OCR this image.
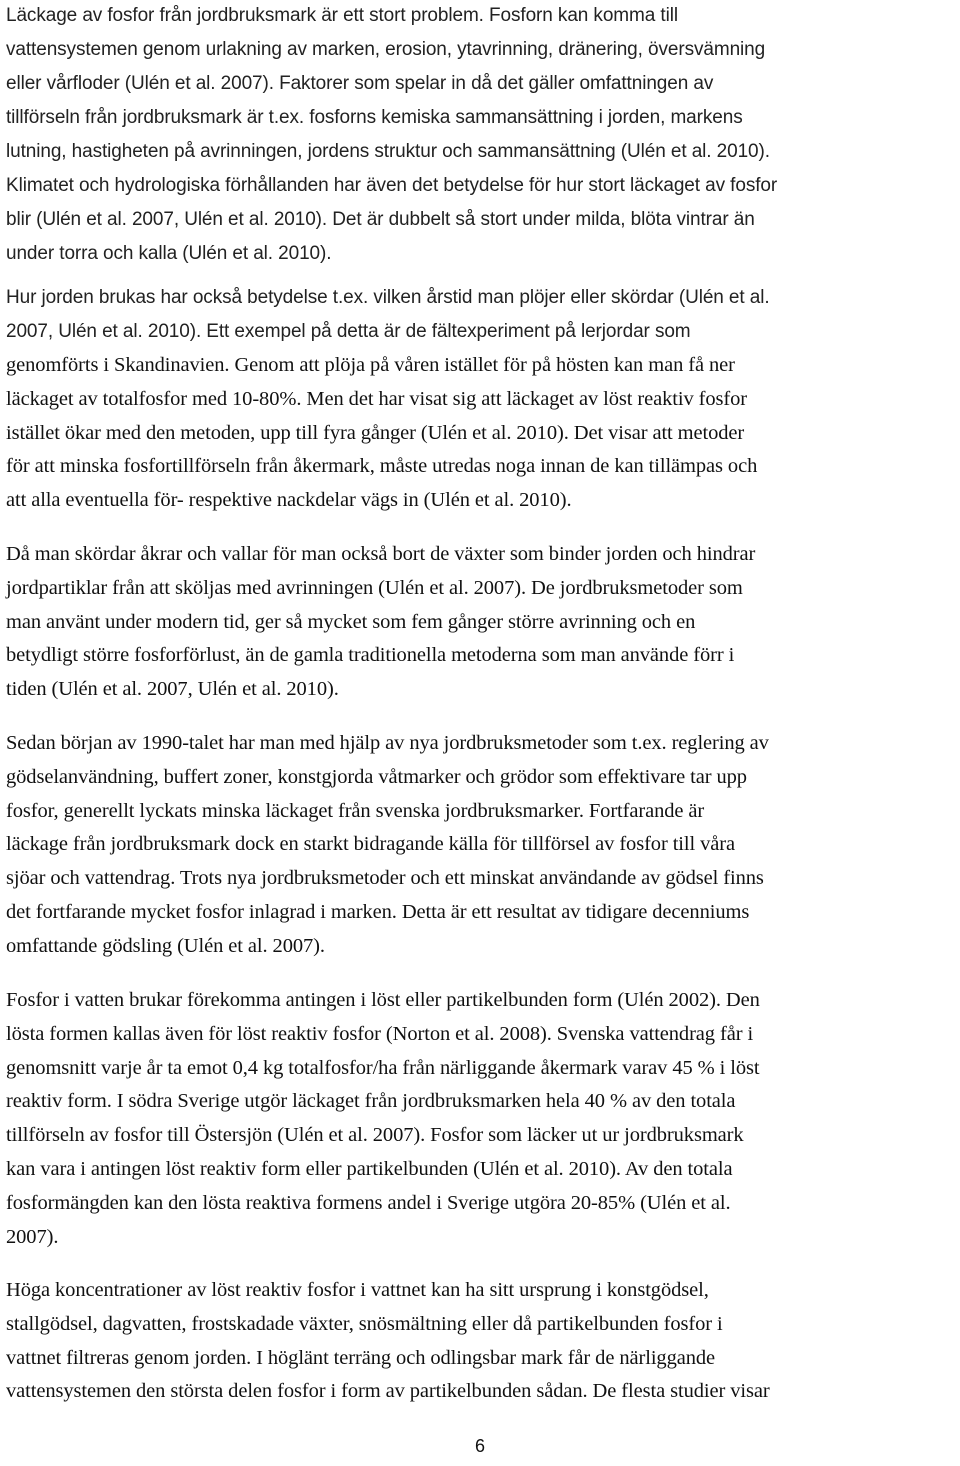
Läckage av fosfor från jordbruksmark är ett stort problem. Fosforn kan komma till
vattensystemen genom urlakning av marken, erosion, ytavrinning, dränering, översvämning
eller vårfloder (Ulén et al. 2007). Faktorer som spelar in då det gäller omfattningen av
tillförseln från jordbruksmark är t.ex. fosforns kemiska sammansättning i jorden, markens
lutning, hastigheten på avrinningen, jordens struktur och sammansättning (Ulén et al. 2010).
Klimatet och hydrologiska förhållanden har även det betydelse för hur stort läckaget av fosfor
blir (Ulén et al. 2007, Ulén et al. 2010). Det är dubbelt så stort under milda, blöta vintrar än
under torra och kalla (Ulén et al. 2010).
Hur jorden brukas har också betydelse t.ex. vilken årstid man plöjer eller skördar (Ulén et al.
2007, Ulén et al. 2010). Ett exempel på detta är de fältexperiment på lerjordar som
genomförts i Skandinavien. Genom att plöja på våren istället för på hösten kan man få ner
läckaget av totalfosfor med 10-80%. Men det har visat sig att läckaget av löst reaktiv fosfor
istället ökar med den metoden, upp till fyra gånger (Ulén et al. 2010). Det visar att metoder
för att minska fosfortillförseln från åkermark, måste utredas noga innan de kan tillämpas och
att alla eventuella för- respektive nackdelar vägs in (Ulén et al. 2010).
Då man skördar åkrar och vallar för man också bort de växter som binder jorden och hindrar
jordpartiklar från att sköljas med avrinningen (Ulén et al. 2007). De jordbruksmetoder som
man använt under modern tid, ger så mycket som fem gånger större avrinning och en
betydligt större fosforförlust, än de gamla traditionella metoderna som man använde förr i
tiden (Ulén et al. 2007, Ulén et al. 2010).
Sedan början av 1990-talet har man med hjälp av nya jordbruksmetoder som t.ex. reglering av
gödselanvändning, buffert zoner, konstgjorda våtmarker och grödor som effektivare tar upp
fosfor, generellt lyckats minska läckaget från svenska jordbruksmarker. Fortfarande är
läckage från jordbruksmark dock en starkt bidragande källa för tillförsel av fosfor till våra
sjöar och vattendrag. Trots nya jordbruksmetoder och ett minskat användande av gödsel finns
det fortfarande mycket fosfor inlagrad i marken. Detta är ett resultat av tidigare decenniums
omfattande gödsling (Ulén et al. 2007).
Fosfor i vatten brukar förekomma antingen i löst eller partikelbunden form (Ulén 2002). Den
lösta formen kallas även för löst reaktiv fosfor (Norton et al. 2008). Svenska vattendrag får i
genomsnitt varje år ta emot 0,4 kg totalfosfor/ha från närliggande åkermark varav 45 % i löst
reaktiv form. I södra Sverige utgör läckaget från jordbruksmarken hela 40 % av den totala
tillförseln av fosfor till Östersjön (Ulén et al. 2007). Fosfor som läcker ut ur jordbruksmark
kan vara i antingen löst reaktiv form eller partikelbunden (Ulén et al. 2010). Av den totala
fosformängden kan den lösta reaktiva formens andel i Sverige utgöra 20-85% (Ulén et al.
2007).
Höga koncentrationer av löst reaktiv fosfor i vattnet kan ha sitt ursprung i konstgödsel,
stallgödsel, dagvatten, frostskadade växter, snösmältning eller då partikelbunden fosfor i
vattnet filtreras genom jorden. I höglänt terräng och odlingsbar mark får de närliggande
vattensystemen den största delen fosfor i form av partikelbunden sådan. De flesta studier visar
6
